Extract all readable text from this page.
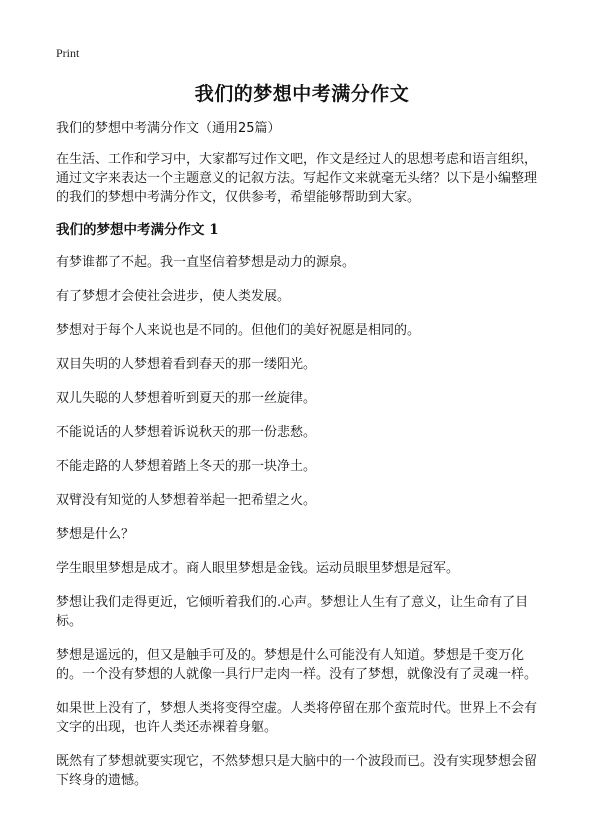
Print
我们的梦想中考满分作文
我们的梦想中考满分作文（通用25篇）
在生活、工作和学习中，大家都写过作文吧，作文是经过人的思想考虑和语言组织，通过文字来表达一个主题意义的记叙方法。写起作文来就毫无头绪？以下是小编整理的我们的梦想中考满分作文，仅供参考，希望能够帮助到大家。
我们的梦想中考满分作文 1

有梦谁都了不起。我一直坚信着梦想是动力的源泉。

有了梦想才会使社会进步，使人类发展。

梦想对于每个人来说也是不同的。但他们的美好祝愿是相同的。

双目失明的人梦想着看到春天的那一缕阳光。

双儿失聪的人梦想着听到夏天的那一丝旋律。

不能说话的人梦想着诉说秋天的那一份悲愁。

不能走路的人梦想着踏上冬天的那一块净土。

双臂没有知觉的人梦想着举起一把希望之火。

梦想是什么？

学生眼里梦想是成才。商人眼里梦想是金钱。运动员眼里梦想是冠军。

梦想让我们走得更近，它倾听着我们的.心声。梦想让人生有了意义，让生命有了目标。

梦想是遥远的，但又是触手可及的。梦想是什么可能没有人知道。梦想是千变万化的。一个没有梦想的人就像一具行尸走肉一样。没有了梦想，就像没有了灵魂一样。

如果世上没有了，梦想人类将变得空虚。人类将停留在那个蛮荒时代。世界上不会有文字的出现，也许人类还赤裸着身躯。

既然有了梦想就要实现它，不然梦想只是大脑中的一个波段而已。没有实现梦想会留下终身的遗憾。
